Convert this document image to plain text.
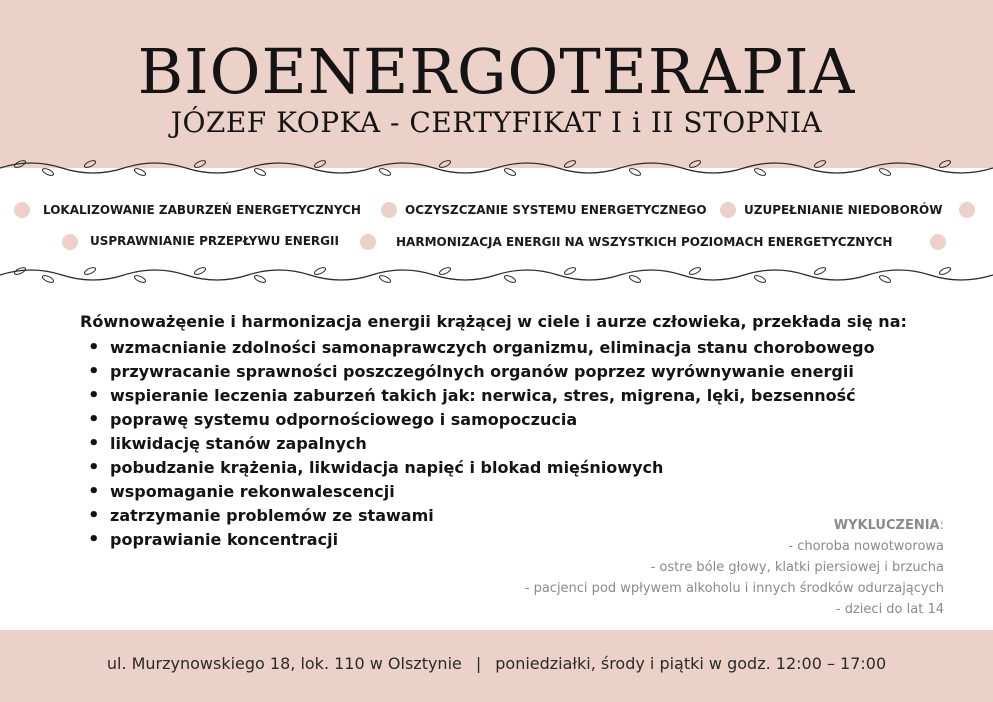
BIOENERGOTERAPIA
JÓZEF KOPKA - CERTYFIKAT I i II STOPNIA
LOKALIZOWANIE ZABURZEŃ ENERGETYCZNYCH	OCZYSZCZANIE SYSTEMU ENERGETYCZNEGO	UZUPEŁNIANIE NIEDOBORÓW
USPRAWNIANIE PRZEPŁYWU ENERGII	HARMONIZACJA ENERGII NA WSZYSTKICH POZIOMACH ENERGETYCZNYCH

Równoważęenie i harmonizacja energii krążącej w ciele i aurze człowieka, przekłada się na:

• wzmacnianie zdolności samonaprawczych organizmu, eliminacja stanu chorobowego
• przywracanie sprawności poszczególnych organów poprzez wyrównywanie energii
• wspieranie leczenia zaburzeń takich jak: nerwica, stres, migrena, lęki, bezsenność
• poprawę systemu odpornościowego i samopoczucia
• likwidację stanów zapalnych
• pobudzanie krążenia, likwidacja napięć i blokad mięśniowych
• wspomaganie rekonwalescencji
• zatrzymanie problemów ze stawami
• poprawianie koncentracji
WYKLUCZENIA:
- choroba nowotworowa
- ostre bóle głowy, klatki piersiowej i brzucha
- pacjenci pod wpływem alkoholu i innych środków odurzających
- dzieci do lat 14
ul. Murzynowskiego 18, lok. 110 w Olsztynie | poniedziałki, środy i piątki w godz. 12:00 – 17:00
